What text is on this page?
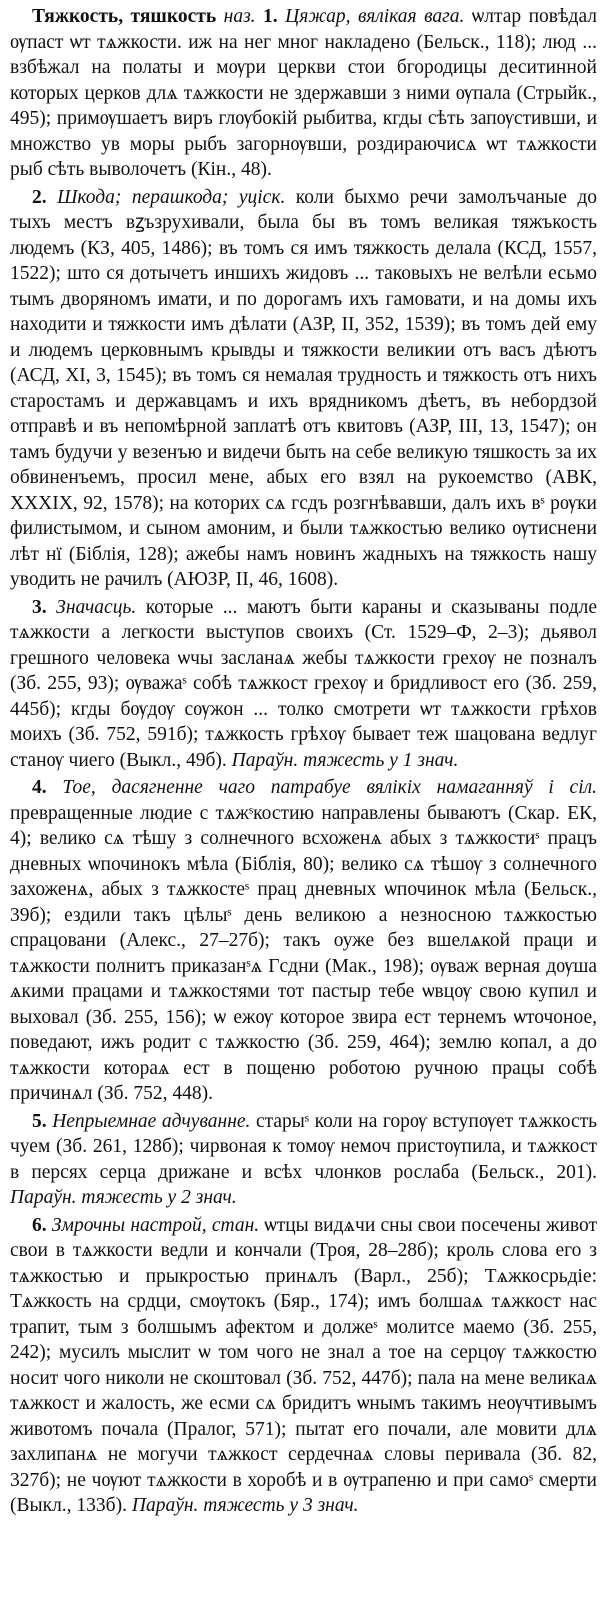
Тяжкость, тяшкость наз. 1. Цяжар, вялікая вага. ѡлтар повѣдал ѹпаст ѡт тѧжкости. иж на нег мног накладено (Бельск., 118); люд ... взбѣжал на полаты и мѹри церкви стои бгородицы деситинной которых церков длѧ тѧжкости не здержавши з ними ѹпала (Стрыйк., 495); примѹшаетъ виръ глѹбокій рыбитва, кгды сѣть запѹстивши, и множство ув моры рыбъ загорнѹвши, роздираючисѧ ѡт тѧжкости рыб сѣть выволочетъ (Кін., 48).

2. Шкода; перашкода; уціск. коли быхмо речи замолъчаные до тыхъ местъ вꙁъзрухивали, была бы въ томъ великая тяжъкость людемъ (КЗ, 405, 1486); въ томъ ся имъ тяжкость делала (КСД, 1557, 1522); што ся дотычетъ иншихъ жидовъ ... таковыхъ не велѣли есьмо тымъ дворяномъ имати, и по дорогамъ ихъ гамовати, и на домы ихъ находити и тяжкости имъ дѣлати (АЗР, II, 352, 1539); въ томъ дей ему и людемъ церковнымъ крывды и тяжкости великии отъ васъ дѣютъ (АСД, XI, 3, 1545); въ томъ ся немалая трудность и тяжкость отъ нихъ старостамъ и державцамъ и ихъ врядникомъ дѣетъ, въ небордзой отправѣ и въ непомѣрной заплатѣ отъ квитовъ (АЗР, III, 13, 1547); он тамъ будучи у везенъю и видечи быть на себе великую тяшкость за их обвиненъемъ, просил мене, абых его взял на рукоемство (АВК, XXXIX, 92, 1578); на которих сѧ гсдъ розгнѣвавши, далъ ихъ вˢ рѹки филистымом, и сыном амоним, и были тѧжкостью велико ѹтиснени лѣт нї (Біблія, 128); ажебы намъ новинъ жадныхъ на тяжкость нашу уводить не рачилъ (АЮЗР, II, 46, 1608).

3. Значасць. которые ... маютъ быти караны и сказываны подле тѧжкости а легкости выступов своихъ (Ст. 1529–Ф, 2–3); дьявол грешного человека ѡчы засланаѧ жебы тѧжкости грехѹ не позналъ (Зб. 255, 93); ѹважаˢ собѣ тѧжкост грехѹ и бридливост его (Зб. 259, 445б); кгды бѹдѹ сѹжон ... толко смотрети ѡт тѧжкости грѣхов моихъ (Зб. 752, 591б); тѧжкость грѣхѹ бывает теж шацована ведлуг станѹ чиего (Выкл., 49б). Параўн. тяжесть у 1 знач.

4. Тое, дасягненне чаго патрабуе вялікіх намаганняў і сіл. превращенные людие с тѧжˢкостию направлены бываютъ (Скар. ЕК, 4); велико сѧ тѣшу з солнечного всхоженѧ абых з тѧжкостиˢ працъ дневных ѡпочинокъ мѣла (Біблія, 80); велико сѧ тѣшѹ з солнечного захоженѧ, абых з тѧжкостеˢ прац дневных ѡпочинок мѣла (Бельск., 39б); ездили такъ цѣлыˢ день великою а незносною тѧжкостью спрацовани (Алекс., 27–27б); такъ оуже без вшелѧкой праци и тѧжкости полнитъ приказанˢѧ Гсдни (Мак., 198); ѹваж верная дѹша ѧкими працами и тѧжкостями тот пастыр тебе ѡвцѹ свою купил и выховал (Зб. 255, 156); ѡ ежѹ которое звира ест тернемъ ѡточоное, поведают, ижъ родит с тѧжкостю (Зб. 259, 464); землю копал, а до тѧжкости котораѧ ест в пощеню роботою ручною працы собѣ причинѧл (Зб. 752, 448).

5. Непрыемнае адчуванне. старыˢ коли на горѹ вступѹет тѧжкость чуем (Зб. 261, 128б); чирвоная к томѹ немоч пристѹпила, и тѧжкост в персях серца дрижане и всѣх члонков рослаба (Бельск., 201). Параўн. тяжесть у 2 знач.

6. Змрочны настрой, стан. ѡтцы видѧчи сны свои посечены живот свои в тѧжкости ведли и кончали (Троя, 28–28б); кроль слова его з тѧжкостью и прыкростью принѧлъ (Варл., 25б); Тѧжкосрьдіе: Тѧжкость на срдци, смѹтокъ (Бяр., 174); имъ болшаѧ тѧжкост нас трапит, тым з болшымъ афектом и должеˢ молитсе маемо (Зб. 255, 242); мусилъ мыслит ѡ том чого не знал а тое на серцѹ тѧжкостю носит чого николи не скоштовал (Зб. 752, 447б); пала на мене великаѧ тѧжкост и жалость, же есми сѧ бридитъ ѡнымъ такимъ неѹчтивымъ животомъ почала (Пралог, 571); пытат его почали, але мовити длѧ захлипанѧ не могучи тѧжкост сердечнаѧ словы перивала (Зб. 82, 327б); не чѹют тѧжкости в хоробѣ и в ѹтрапеню и при самоˢ смерти (Выкл., 133б). Параўн. тяжесть у 3 знач.
